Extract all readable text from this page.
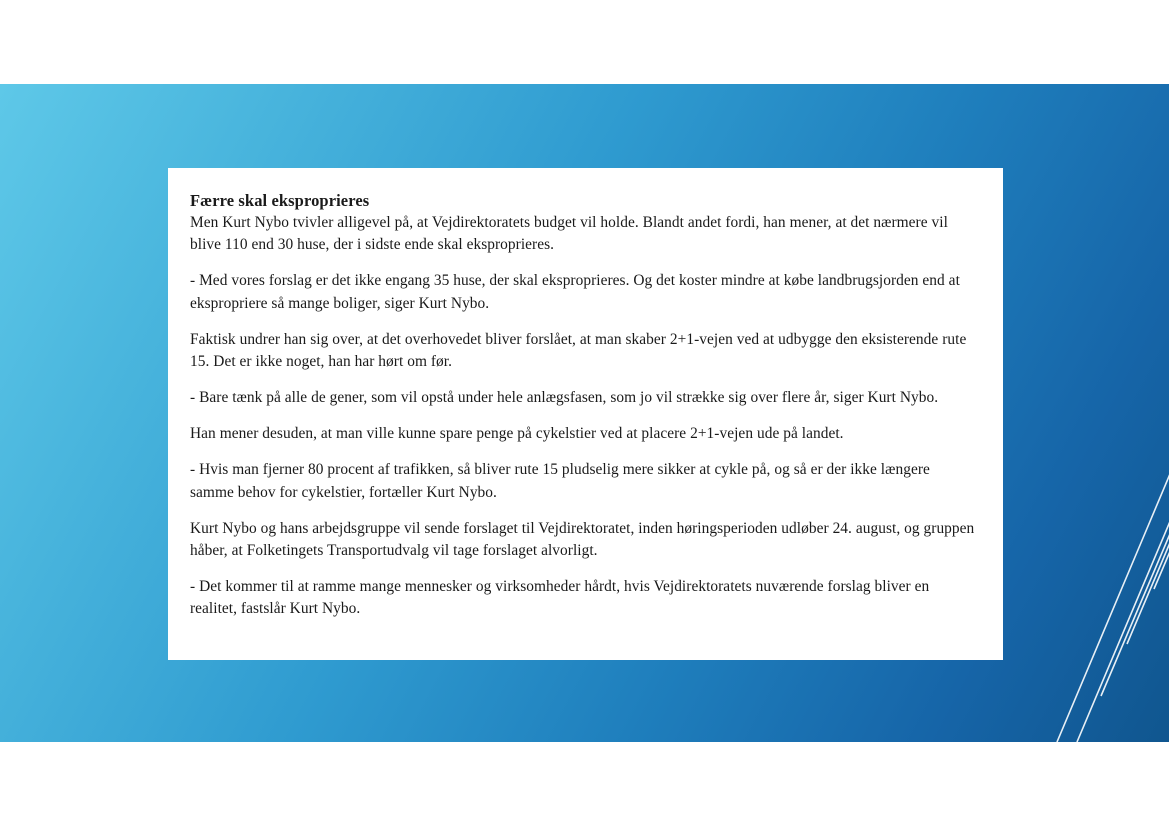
Færre skal eksproprieres

Men Kurt Nybo tvivler alligevel på, at Vejdirektoratets budget vil holde. Blandt andet fordi, han mener, at det nærmere vil blive 110 end 30 huse, der i sidste ende skal eksproprieres.

- Med vores forslag er det ikke engang 35 huse, der skal eksproprieres. Og det koster mindre at købe landbrugsjorden end at ekspropriere så mange boliger, siger Kurt Nybo.

Faktisk undrer han sig over, at det overhovedet bliver forslået, at man skaber 2+1-vejen ved at udbygge den eksisterende rute 15. Det er ikke noget, han har hørt om før.

- Bare tænk på alle de gener, som vil opstå under hele anlægsfasen, som jo vil strække sig over flere år, siger Kurt Nybo.

Han mener desuden, at man ville kunne spare penge på cykelstier ved at placere 2+1-vejen ude på landet.

- Hvis man fjerner 80 procent af trafikken, så bliver rute 15 pludselig mere sikker at cykle på, og så er der ikke længere samme behov for cykelstier, fortæller Kurt Nybo.

Kurt Nybo og hans arbejdsgruppe vil sende forslaget til Vejdirektoratet, inden høringsperioden udløber 24. august, og gruppen håber, at Folketingets Transportudvalg vil tage forslaget alvorligt.

- Det kommer til at ramme mange mennesker og virksomheder hårdt, hvis Vejdirektoratets nuværende forslag bliver en realitet, fastslår Kurt Nybo.
